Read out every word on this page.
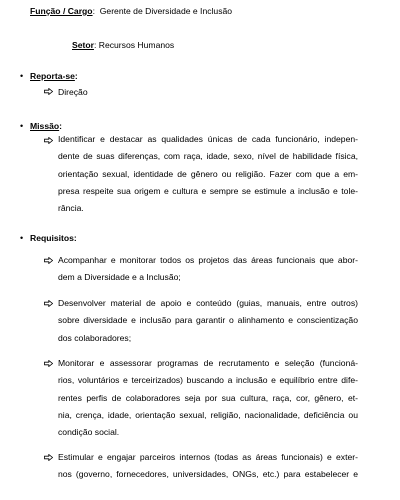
Função / Cargo: Gerente de Diversidade e Inclusão
Setor: Recursos Humanos
• Reporta-se:
Direção
• Missão:
Identificar e destacar as qualidades únicas de cada funcionário, indepen-
dente de suas diferenças, com raça, idade, sexo, nível de habilidade física,
orientação sexual, identidade de gênero ou religião. Fazer com que a em-
presa respeite sua origem e cultura e sempre se estimule a inclusão e tole-
rância.
• Requisitos:
Acompanhar e monitorar todos os projetos das áreas funcionais que abor-
dem a Diversidade e a Inclusão;
Desenvolver material de apoio e conteúdo (guias, manuais, entre outros)
sobre diversidade e inclusão para garantir o alinhamento e conscientização
dos colaboradores;
Monitorar e assessorar programas de recrutamento e seleção (funcioná-
rios, voluntários e terceirizados) buscando a inclusão e equilíbrio entre dife-
rentes perfis de colaboradores seja por sua cultura, raça, cor, gênero, et-
nia, crença, idade, orientação sexual, religião, nacionalidade, deficiência ou
condição social.
Estimular e engajar parceiros internos (todas as áreas funcionais) e exter-
nos (governo, fornecedores, universidades, ONGs, etc.) para estabelecer e
